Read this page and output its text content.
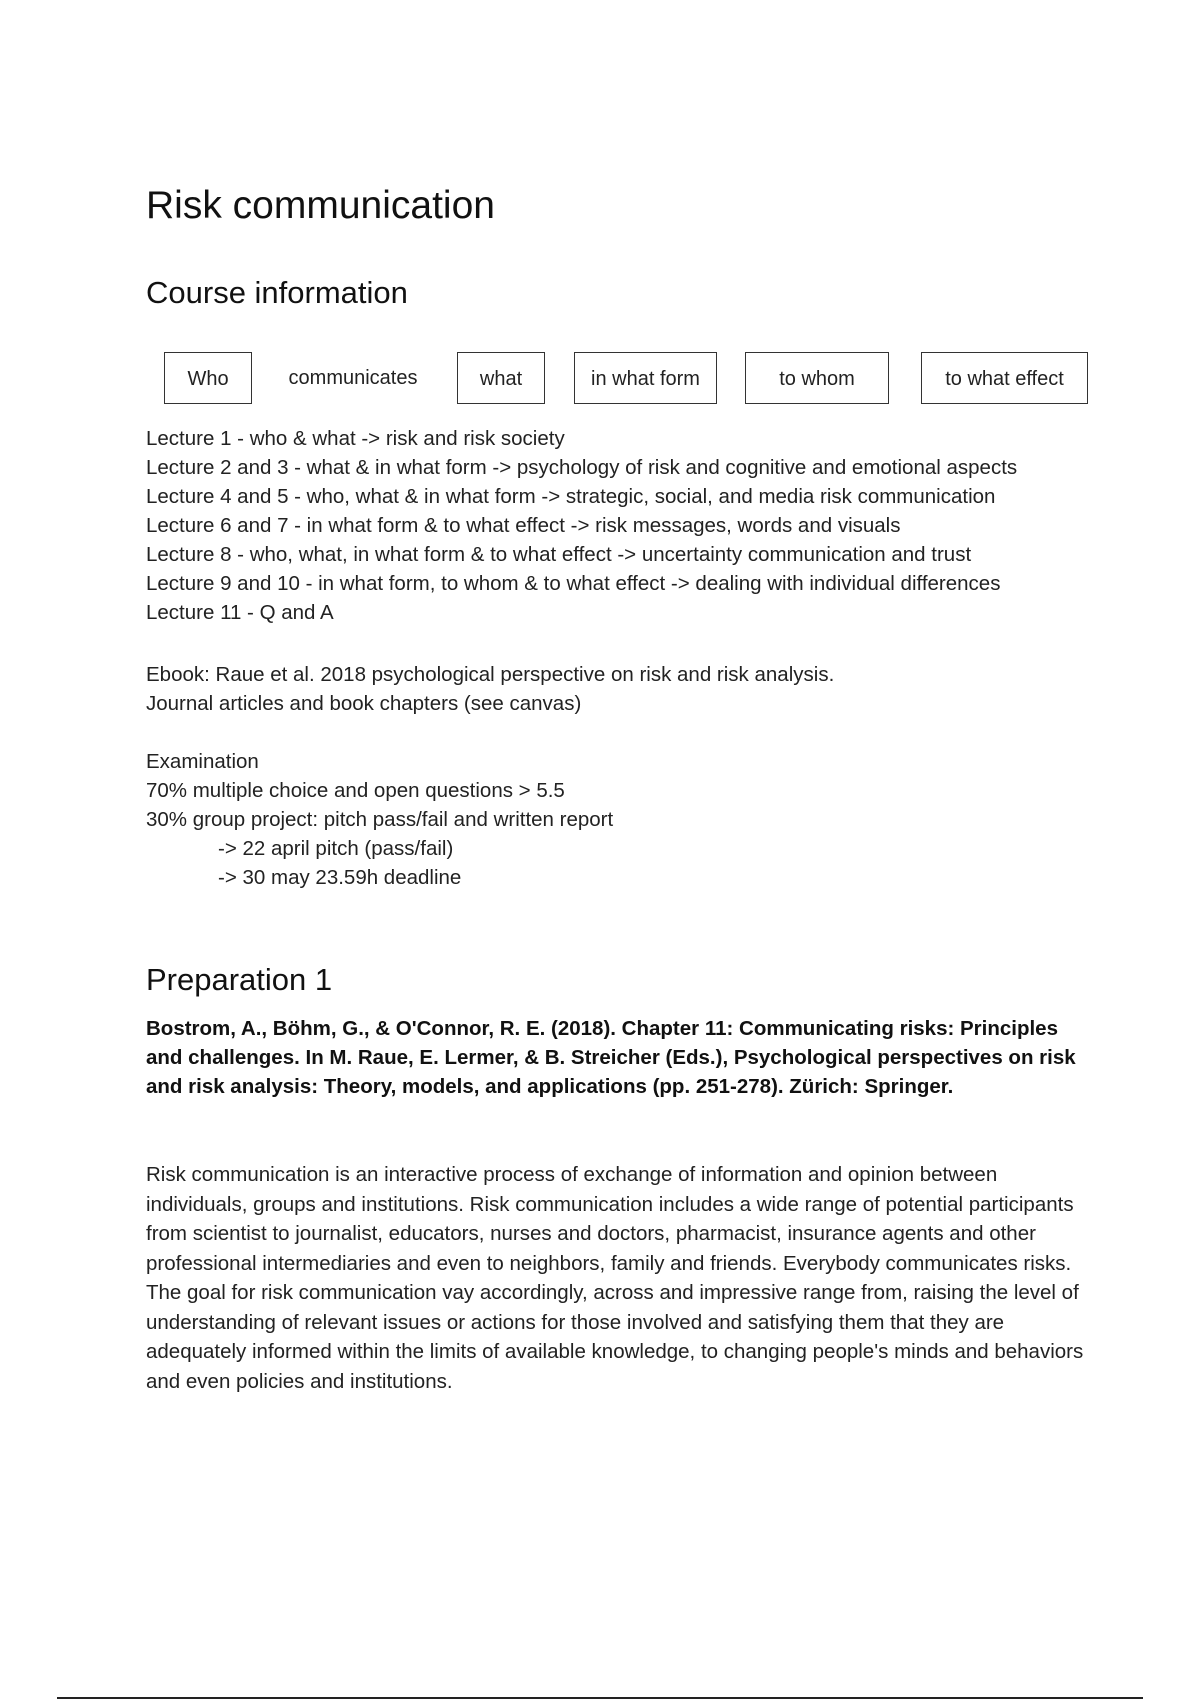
Risk communication
Course information
Who	communicates	what	in what form	to whom	to what effect
Lecture 1 - who & what -> risk and risk society
Lecture 2 and 3 - what & in what form -> psychology of risk and cognitive and emotional aspects
Lecture 4 and 5 - who, what & in what form -> strategic, social, and media risk communication
Lecture 6 and 7 - in what form & to what effect -> risk messages, words and visuals
Lecture 8 - who, what, in what form & to what effect -> uncertainty communication and trust
Lecture 9 and 10 - in what form, to whom & to what effect -> dealing with individual differences
Lecture 11 - Q and A
Ebook: Raue et al. 2018 psychological perspective on risk and risk analysis.
Journal articles and book chapters (see canvas)
Examination
70% multiple choice and open questions > 5.5
30% group project: pitch pass/fail and written report
-> 22 april pitch (pass/fail)
-> 30 may 23.59h deadline
Preparation 1
Bostrom, A., Böhm, G., & O'Connor, R. E. (2018). Chapter 11: Communicating risks: Principles and challenges. In M. Raue, E. Lermer, & B. Streicher (Eds.), Psychological perspectives on risk and risk analysis: Theory, models, and applications (pp. 251-278). Zürich: Springer.
Risk communication is an interactive process of exchange of information and opinion between individuals, groups and institutions. Risk communication includes a wide range of potential participants from scientist to journalist, educators, nurses and doctors, pharmacist, insurance agents and other professional intermediaries and even to neighbors, family and friends. Everybody communicates risks. The goal for risk communication vay accordingly, across and impressive range from, raising the level of understanding of relevant issues or actions for those involved and satisfying them that they are adequately informed within the limits of available knowledge, to changing people's minds and behaviors and even policies and institutions.
